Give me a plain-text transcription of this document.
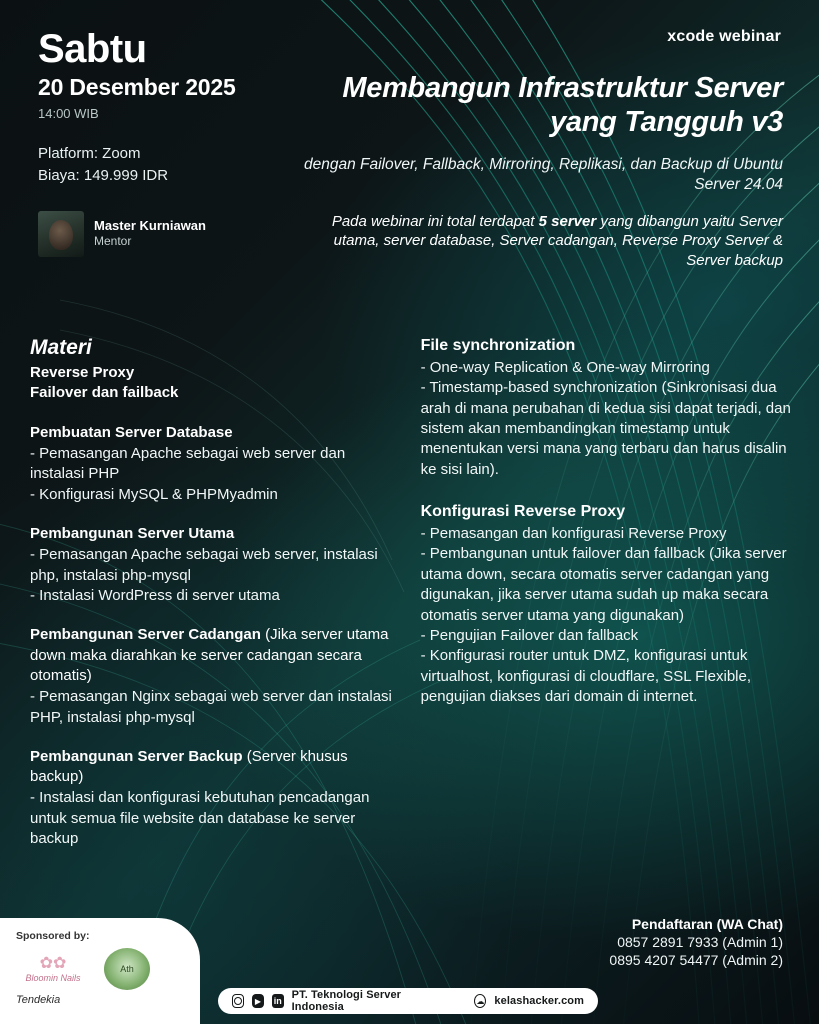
xcode webinar
Sabtu
20 Desember 2025
14:00 WIB
Platform: Zoom
Biaya: 149.999 IDR
Master Kurniawan
Mentor
Membangun Infrastruktur Server yang Tangguh v3
dengan Failover, Fallback, Mirroring, Replikasi, dan Backup di Ubuntu Server 24.04
Pada webinar ini total terdapat 5 server yang dibangun yaitu Server utama, server database, Server cadangan, Reverse Proxy Server & Server backup
Materi
Reverse Proxy
Failover dan failback
Pembuatan Server Database
- Pemasangan Apache sebagai web server dan instalasi PHP
- Konfigurasi MySQL & PHPMyadmin
Pembangunan Server Utama
- Pemasangan Apache sebagai web server, instalasi php, instalasi php-mysql
- Instalasi WordPress di server utama
Pembangunan Server Cadangan (Jika server utama down maka diarahkan ke server cadangan secara otomatis)
- Pemasangan Nginx sebagai web server dan instalasi PHP, instalasi php-mysql
Pembangunan Server Backup (Server khusus backup)
- Instalasi dan konfigurasi kebutuhan pencadangan untuk semua file website dan database ke server backup
File synchronization
- One-way Replication & One-way Mirroring
- Timestamp-based synchronization (Sinkronisasi dua arah di mana perubahan di kedua sisi dapat terjadi, dan sistem akan membandingkan timestamp untuk menentukan versi mana yang terbaru dan harus disalin ke sisi lain).
Konfigurasi Reverse Proxy
- Pemasangan dan konfigurasi Reverse Proxy
- Pembangunan untuk failover dan fallback (Jika server utama down, secara otomatis server cadangan yang digunakan, jika server utama sudah up maka secara otomatis server utama yang digunakan)
- Pengujian Failover dan fallback
- Konfigurasi router untuk DMZ, konfigurasi untuk virtualhost, konfigurasi di cloudflare, SSL Flexible, pengujian diakses dari domain di internet.
Pendaftaran (WA Chat)
0857 2891 7933 (Admin 1)
0895 4207 54477 (Admin 2)
Sponsored by:
✿✿
Bloomin Nails
Ath
Tendekia	▶	in PT. Teknologi Server Indonesia	☁ kelashacker.com
